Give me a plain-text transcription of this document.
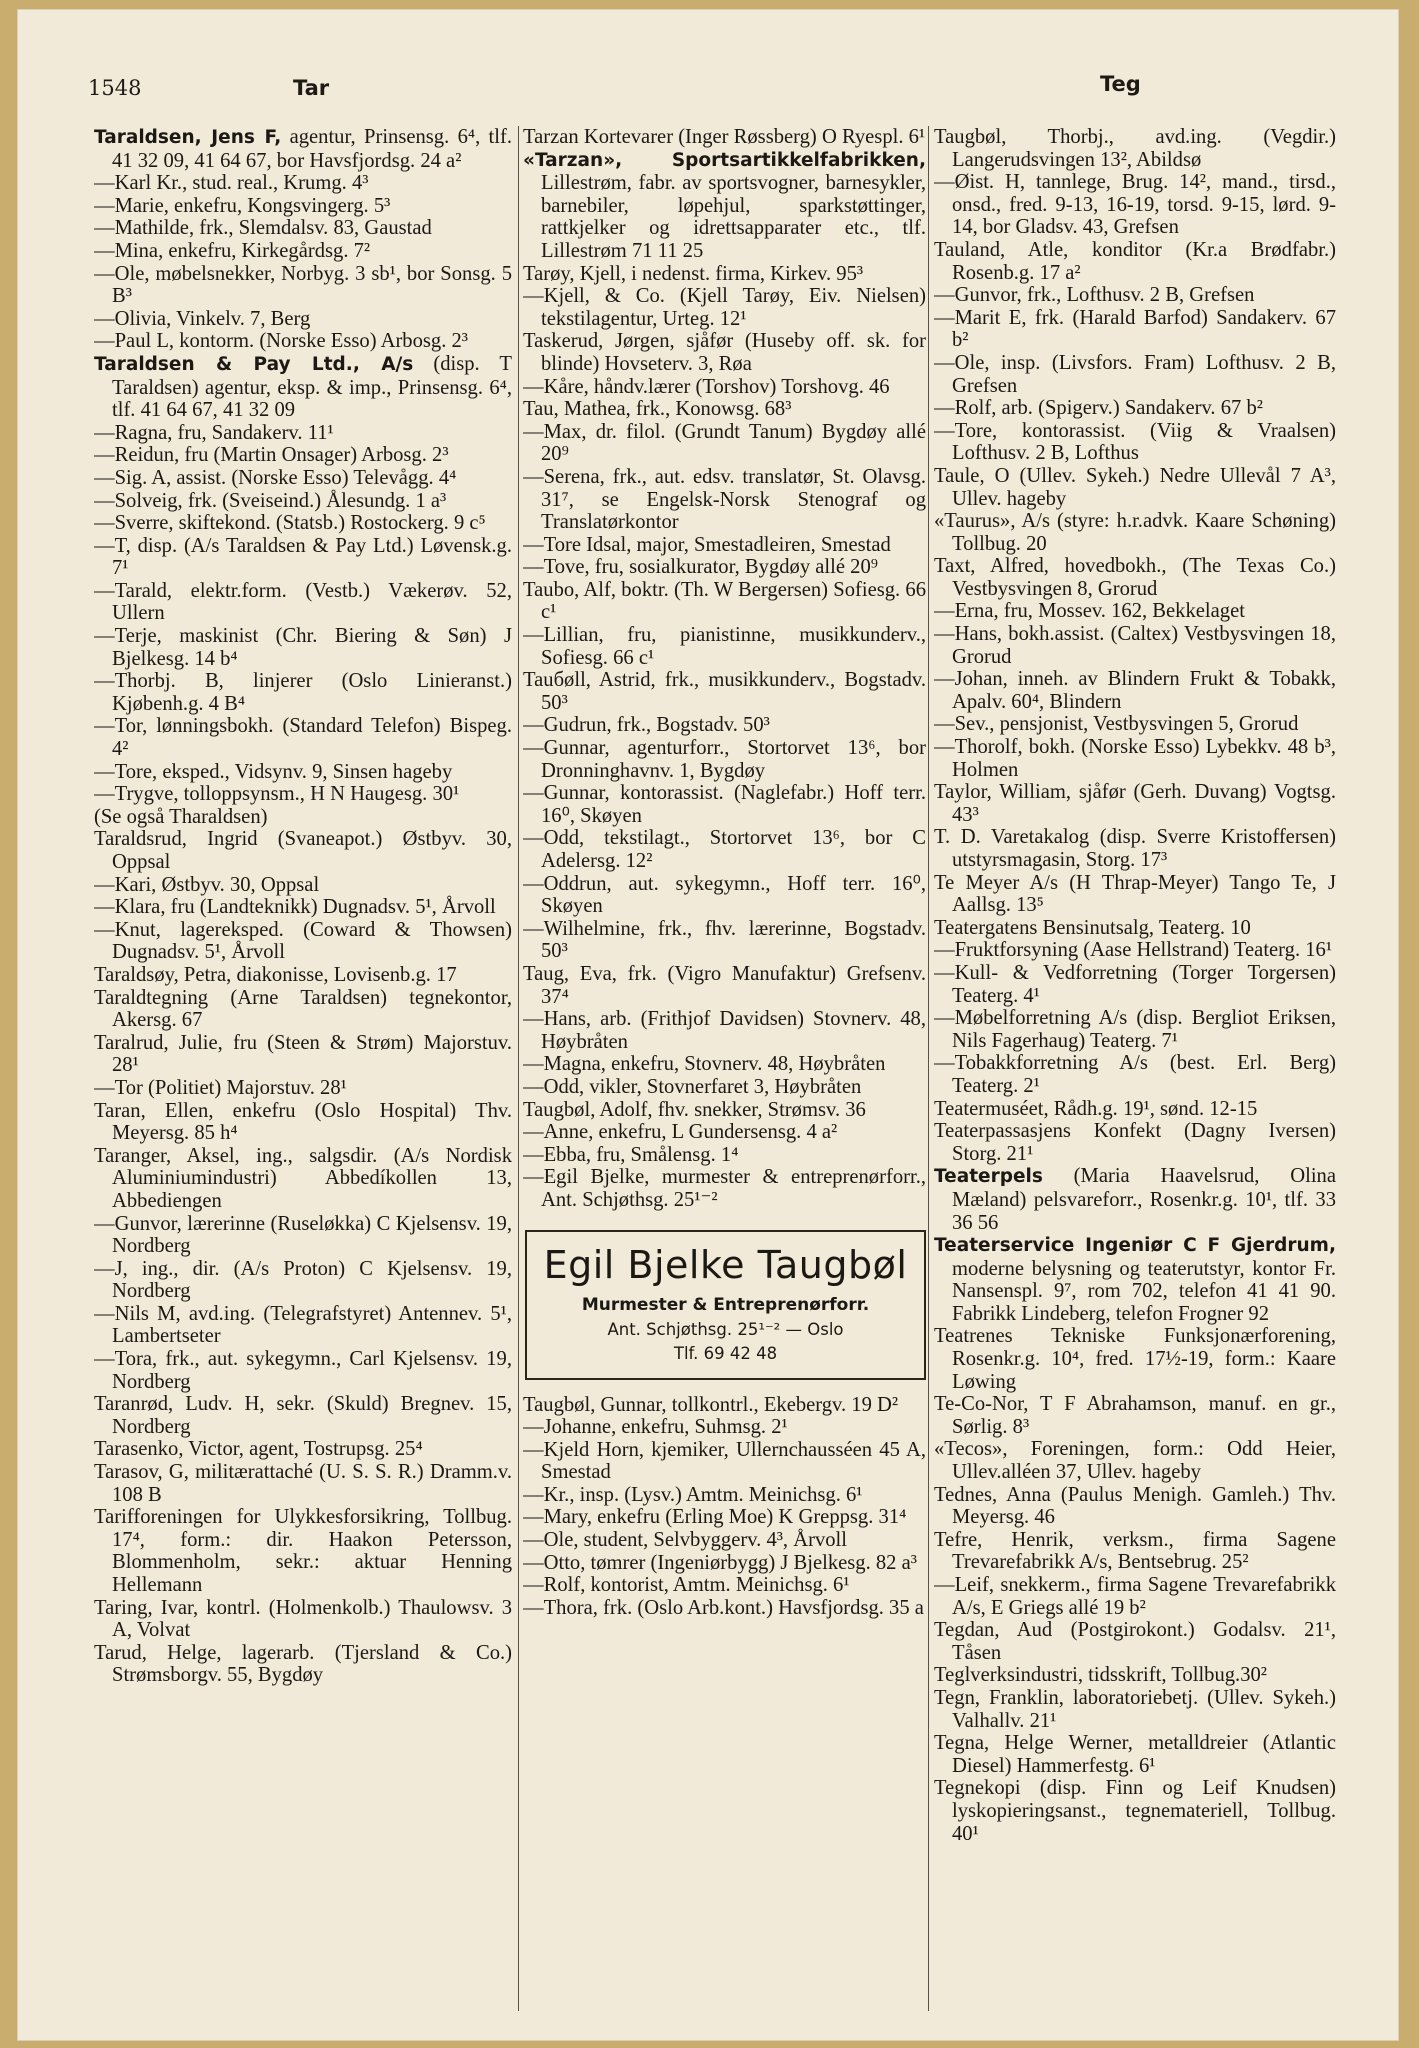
1548	Tar	Teg

Taraldsen, Jens F, agentur, Prinsensg. 6⁴, tlf. 41 32 09, 41 64 67, bor Havsfjordsg. 24 a²

—Karl Kr., stud. real., Krumg. 4³

—Marie, enkefru, Kongsvingerg. 5³

—Mathilde, frk., Slemdalsv. 83, Gaustad

—Mina, enkefru, Kirkegårdsg. 7²

—Ole, møbelsnekker, Norbyg. 3 sb¹, bor Sonsg. 5 B³

—Olivia, Vinkelv. 7, Berg

—Paul L, kontorm. (Norske Esso) Arbosg. 2³

Taraldsen & Pay Ltd., A/s (disp. T Taraldsen) agentur, eksp. & imp., Prinsensg. 6⁴, tlf. 41 64 67, 41 32 09

—Ragna, fru, Sandakerv. 11¹

—Reidun, fru (Martin Onsager) Arbosg. 2³

—Sig. A, assist. (Norske Esso) Televågg. 4⁴

—Solveig, frk. (Sveiseind.) Ålesundg. 1 a³

—Sverre, skiftekond. (Statsb.) Rostockerg. 9 c⁵

—T, disp. (A/s Taraldsen & Pay Ltd.) Løvensk.g. 7¹

—Tarald, elektr.form. (Vestb.) Vækerøv. 52, Ullern

—Terje, maskinist (Chr. Biering & Søn) J Bjelkesg. 14 b⁴

—Thorbj. B, linjerer (Oslo Linieranst.) Kjøbenh.g. 4 B⁴

—Tor, lønningsbokh. (Standard Telefon) Bispeg. 4²

—Tore, eksped., Vidsynv. 9, Sinsen hageby

—Trygve, tolloppsynsm., H N Haugesg. 30¹

(Se også Tharaldsen)

Taraldsrud, Ingrid (Svaneapot.) Østbyv. 30, Oppsal

—Kari, Østbyv. 30, Oppsal

—Klara, fru (Landteknikk) Dugnadsv. 5¹, Årvoll

—Knut, lagereksped. (Coward & Thowsen) Dugnadsv. 5¹, Årvoll

Taraldsøy, Petra, diakonisse, Lovisenb.g. 17

Taraldtegning (Arne Taraldsen) tegnekontor, Akersg. 67

Taralrud, Julie, fru (Steen & Strøm) Majorstuv. 28¹

—Tor (Politiet) Majorstuv. 28¹

Taran, Ellen, enkefru (Oslo Hospital) Thv. Meyersg. 85 h⁴

Taranger, Aksel, ing., salgsdir. (A/s Nordisk Aluminiumindustri) Abbedíkollen 13, Abbediengen

—Gunvor, lærerinne (Ruseløkka) C Kjelsensv. 19, Nordberg

—J, ing., dir. (A/s Proton) C Kjelsensv. 19, Nordberg

—Nils M, avd.ing. (Telegrafstyret) Antennev. 5¹, Lambertseter

—Tora, frk., aut. sykegymn., Carl Kjelsensv. 19, Nordberg

Taranrød, Ludv. H, sekr. (Skuld) Bregnev. 15, Nordberg

Tarasenko, Victor, agent, Tostrupsg. 25⁴

Tarasov, G, militærattaché (U. S. S. R.) Dramm.v. 108 B

Tarifforeningen for Ulykkesforsikring, Tollbug. 17⁴, form.: dir. Haakon Petersson, Blommenholm, sekr.: aktuar Henning Hellemann

Taring, Ivar, kontrl. (Holmenkolb.) Thaulowsv. 3 A, Volvat

Tarud, Helge, lagerarb. (Tjersland & Co.) Strømsborgv. 55, Bygdøy

Tarzan Kortevarer (Inger Røssberg) O Ryespl. 6¹

«Tarzan», Sportsartikkelfabrikken, Lillestrøm, fabr. av sportsvogner, barnesykler, barnebiler, løpehjul, sparkstøttinger, rattkjelker og idrettsapparater etc., tlf. Lillestrøm 71 11 25

Tarøy, Kjell, i nedenst. firma, Kirkev. 95³

—Kjell, & Co. (Kjell Tarøy, Eiv. Nielsen) tekstilagentur, Urteg. 12¹

Taskerud, Jørgen, sjåfør (Huseby off. sk. for blinde) Hovseterv. 3, Røa

—Kåre, håndv.lærer (Torshov) Torshovg. 46

Tau, Mathea, frk., Konowsg. 68³

—Max, dr. filol. (Grundt Tanum) Bygdøy allé 20⁹

—Serena, frk., aut. edsv. translatør, St. Olavsg. 31⁷, se Engelsk-Norsk Stenograf og Translatørkontor

—Tore Idsal, major, Smestadleiren, Smestad

—Tove, fru, sosialkurator, Bygdøy allé 20⁹

Taubo, Alf, boktr. (Th. W Bergersen) Sofiesg. 66 c¹

—Lillian, fru, pianistinne, musikkunderv., Sofiesg. 66 c¹

Tauбøll, Astrid, frk., musikkunderv., Bogstadv. 50³

—Gudrun, frk., Bogstadv. 50³

—Gunnar, agenturforr., Stortorvet 13⁶, bor Dronninghavnv. 1, Bygdøy

—Gunnar, kontorassist. (Naglefabr.) Hoff terr. 16⁰, Skøyen

—Odd, tekstilagt., Stortorvet 13⁶, bor C Adelersg. 12²

—Oddrun, aut. sykegymn., Hoff terr. 16⁰, Skøyen

—Wilhelmine, frk., fhv. lærerinne, Bogstadv. 50³

Taug, Eva, frk. (Vigro Manufaktur) Grefsenv. 37⁴

—Hans, arb. (Frithjof Davidsen) Stovnerv. 48, Høybråten

—Magna, enkefru, Stovnerv. 48, Høybråten

—Odd, vikler, Stovnerfaret 3, Høybråten

Taugbøl, Adolf, fhv. snekker, Strømsv. 36

—Anne, enkefru, L Gundersensg. 4 a²

—Ebba, fru, Smålensg. 1⁴

—Egil Bjelke, murmester & entreprenørforr., Ant. Schjøthsg. 25¹⁻²

Egil Bjelke Taugbøl
Murmester & Entreprenørforr.
Ant. Schjøthsg. 25¹⁻² — Oslo
Tlf. 69 42 48

Taugbøl, Gunnar, tollkontrl., Ekebergv. 19 D²

—Johanne, enkefru, Suhmsg. 2¹

—Kjeld Horn, kjemiker, Ullernchausséen 45 A, Smestad

—Kr., insp. (Lysv.) Amtm. Meinichsg. 6¹

—Mary, enkefru (Erling Moe) K Greppsg. 31⁴

—Ole, student, Selvbyggerv. 4³, Årvoll

—Otto, tømrer (Ingeniørbygg) J Bjelkesg. 82 a³

—Rolf, kontorist, Amtm. Meinichsg. 6¹

—Thora, frk. (Oslo Arb.kont.) Havsfjordsg. 35 a

Taugbøl, Thorbj., avd.ing. (Vegdir.) Langerudsvingen 13², Abildsø

—Øist. H, tannlege, Brug. 14², mand., tirsd., onsd., fred. 9-13, 16-19, torsd. 9-15, lørd. 9-14, bor Gladsv. 43, Grefsen

Tauland, Atle, konditor (Kr.a Brødfabr.) Rosenb.g. 17 a²

—Gunvor, frk., Lofthusv. 2 B, Grefsen

—Marit E, frk. (Harald Barfod) Sandakerv. 67 b²

—Ole, insp. (Livsfors. Fram) Lofthusv. 2 B, Grefsen

—Rolf, arb. (Spigerv.) Sandakerv. 67 b²

—Tore, kontorassist. (Viig & Vraalsen) Lofthusv. 2 B, Lofthus

Taule, O (Ullev. Sykeh.) Nedre Ullevål 7 A³, Ullev. hageby

«Taurus», A/s (styre: h.r.advk. Kaare Schøning) Tollbug. 20

Taxt, Alfred, hovedbokh., (The Texas Co.) Vestbysvingen 8, Grorud

—Erna, fru, Mossev. 162, Bekkelaget

—Hans, bokh.assist. (Caltex) Vestbysvingen 18, Grorud

—Johan, inneh. av Blindern Frukt & Tobakk, Apalv. 60⁴, Blindern

—Sev., pensjonist, Vestbysvingen 5, Grorud

—Thorolf, bokh. (Norske Esso) Lybekkv. 48 b³, Holmen

Taylor, William, sjåfør (Gerh. Duvang) Vogtsg. 43³

T. D. Varetakalog (disp. Sverre Kristoffersen) utstyrsmagasin, Storg. 17³

Te Meyer A/s (H Thrap-Meyer) Tango Te, J Aallsg. 13⁵

Teatergatens Bensinutsalg, Teaterg. 10

—Fruktforsyning (Aase Hellstrand) Teaterg. 16¹

—Kull- & Vedforretning (Torger Torgersen) Teaterg. 4¹

—Møbelforretning A/s (disp. Bergliot Eriksen, Nils Fagerhaug) Teaterg. 7¹

—Tobakkforretning A/s (best. Erl. Berg) Teaterg. 2¹

Teatermuséet, Rådh.g. 19¹, sønd. 12-15

Teaterpassasjens Konfekt (Dagny Iversen) Storg. 21¹

Teaterpels (Maria Haavelsrud, Olina Mæland) pelsvareforr., Rosenkr.g. 10¹, tlf. 33 36 56

Teaterservice Ingeniør C F Gjerdrum, moderne belysning og teaterutstyr, kontor Fr. Nansenspl. 9⁷, rom 702, telefon 41 41 90. Fabrikk Lindeberg, telefon Frogner 92

Teatrenes Tekniske Funksjonærforening, Rosenkr.g. 10⁴, fred. 17½-19, form.: Kaare Løwing

Te-Co-Nor, T F Abrahamson, manuf. en gr., Sørlig. 8³

«Tecos», Foreningen, form.: Odd Heier, Ullev.alléen 37, Ullev. hageby

Tednes, Anna (Paulus Menigh. Gamleh.) Thv. Meyersg. 46

Tefre, Henrik, verksm., firma Sagene Trevarefabrikk A/s, Bentsebrug. 25²

—Leif, snekkerm., firma Sagene Trevarefabrikk A/s, E Griegs allé 19 b²

Tegdan, Aud (Postgirokont.) Godalsv. 21¹, Tåsen

Teglverksindustri, tidsskrift, Tollbug.30²

Tegn, Franklin, laboratoriebetj. (Ullev. Sykeh.) Valhallv. 21¹

Tegna, Helge Werner, metalldreier (Atlantic Diesel) Hammerfestg. 6¹

Tegnekopi (disp. Finn og Leif Knudsen) lyskopieringsanst., tegnemateriell, Tollbug. 40¹
